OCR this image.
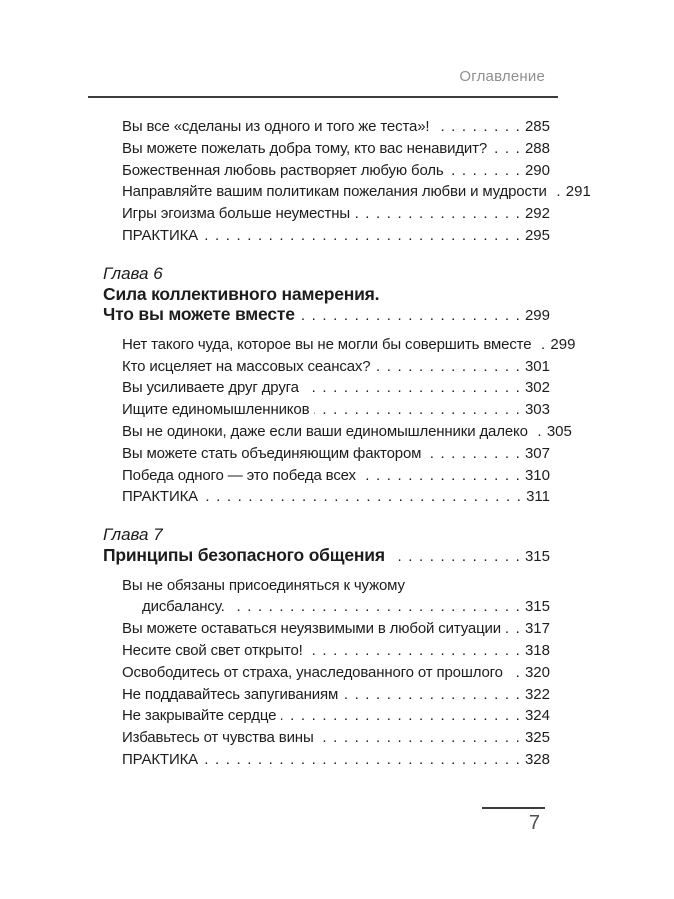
Оглавление
Вы все «сделаны из одного и того же теста»! . . .	285
Вы можете пожелать добра тому, кто вас ненавидит? . . .	288
Божественная любовь растворяет любую боль . . .	290
Направляйте вашим политикам пожелания любви и мудрости . . . 291
Игры эгоизма больше неуместны . . .	292
ПРАКТИКА . . .	295
Глава 6
Сила коллективного намерения.
Что вы можете вместе . . .	299
Нет такого чуда, которое вы не могли бы совершить вместе . . . 299
Кто исцеляет на массовых сеансах? . . .	301
Вы усиливаете друг друга . . .	302
Ищите единомышленников . . .	303
Вы не одиноки, даже если ваши единомышленники далеко . . . 305
Вы можете стать объединяющим фактором . . .	307
Победа одного — это победа всех . . .	310
ПРАКТИКА . . .	311
Глава 7
Принципы безопасного общения . . .	315
Вы не обязаны присоединяться к чужому
дисбалансу. . . .	315
Вы можете оставаться неуязвимыми в любой ситуации . . . 317
Несите свой свет открыто! . . .	318
Освободитесь от страха, унаследованного от прошлого . . . 320
Не поддавайтесь запугиваниям . . .	322
Не закрывайте сердце . . .	324
Избавьтесь от чувства вины . . .	325
ПРАКТИКА . . .	328
7
